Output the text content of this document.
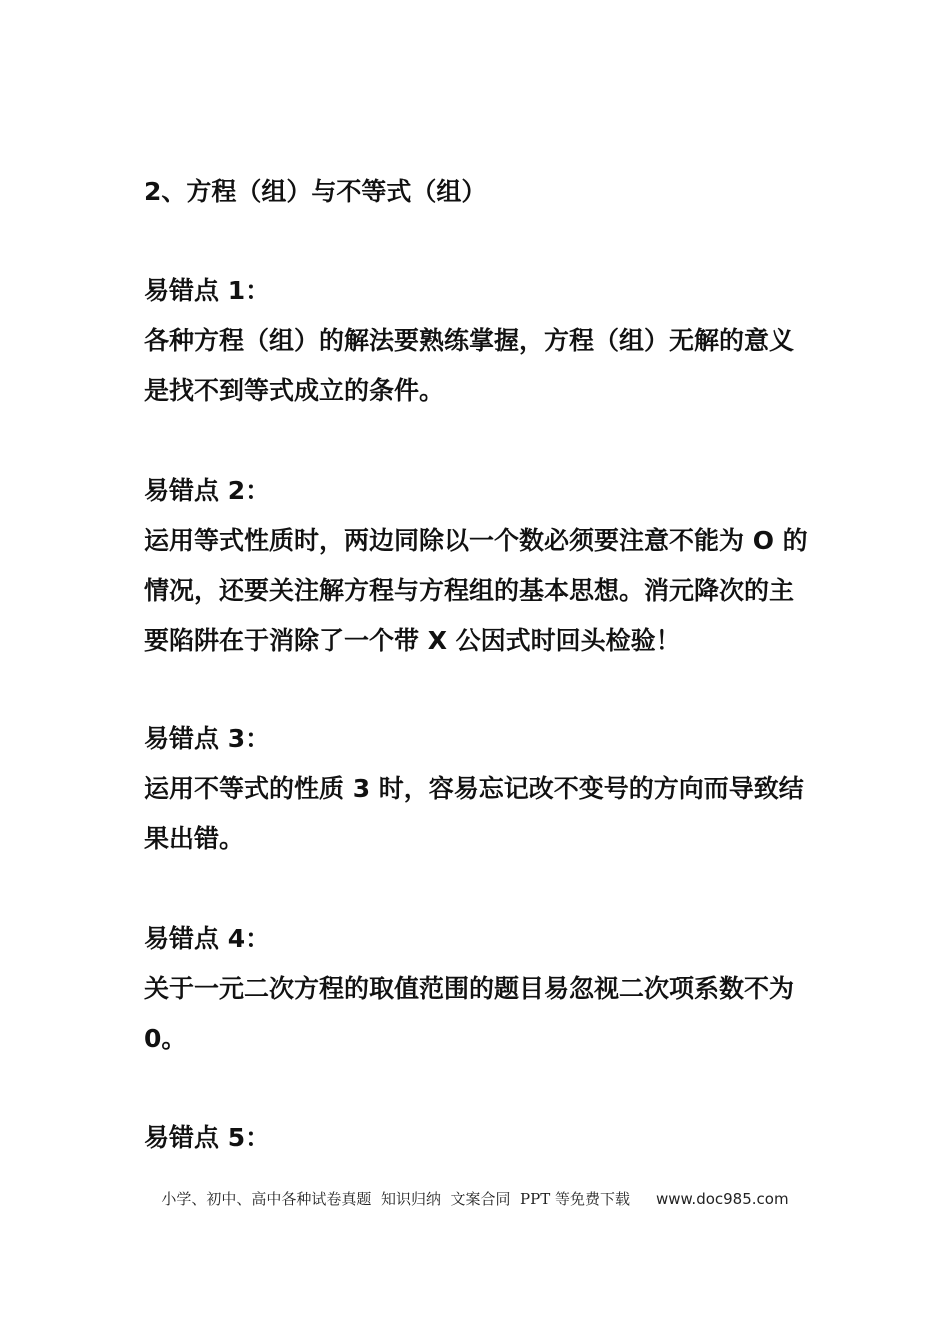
2、方程（组）与不等式（组）

易错点 1：

各种方程（组）的解法要熟练掌握，方程（组）无解的意义是找不到等式成立的条件。

易错点 2：

运用等式性质时，两边同除以一个数必须要注意不能为 O 的情况，还要关注解方程与方程组的基本思想。消元降次的主要陷阱在于消除了一个带 X 公因式时回头检验！

易错点 3：

运用不等式的性质 3 时，容易忘记改不变号的方向而导致结果出错。

易错点 4：

关于一元二次方程的取值范围的题目易忽视二次项系数不为 0。

易错点 5：

小学、初中、高中各种试卷真题  知识归纳  文案合同  PPT 等免费下载 www.doc985.com
